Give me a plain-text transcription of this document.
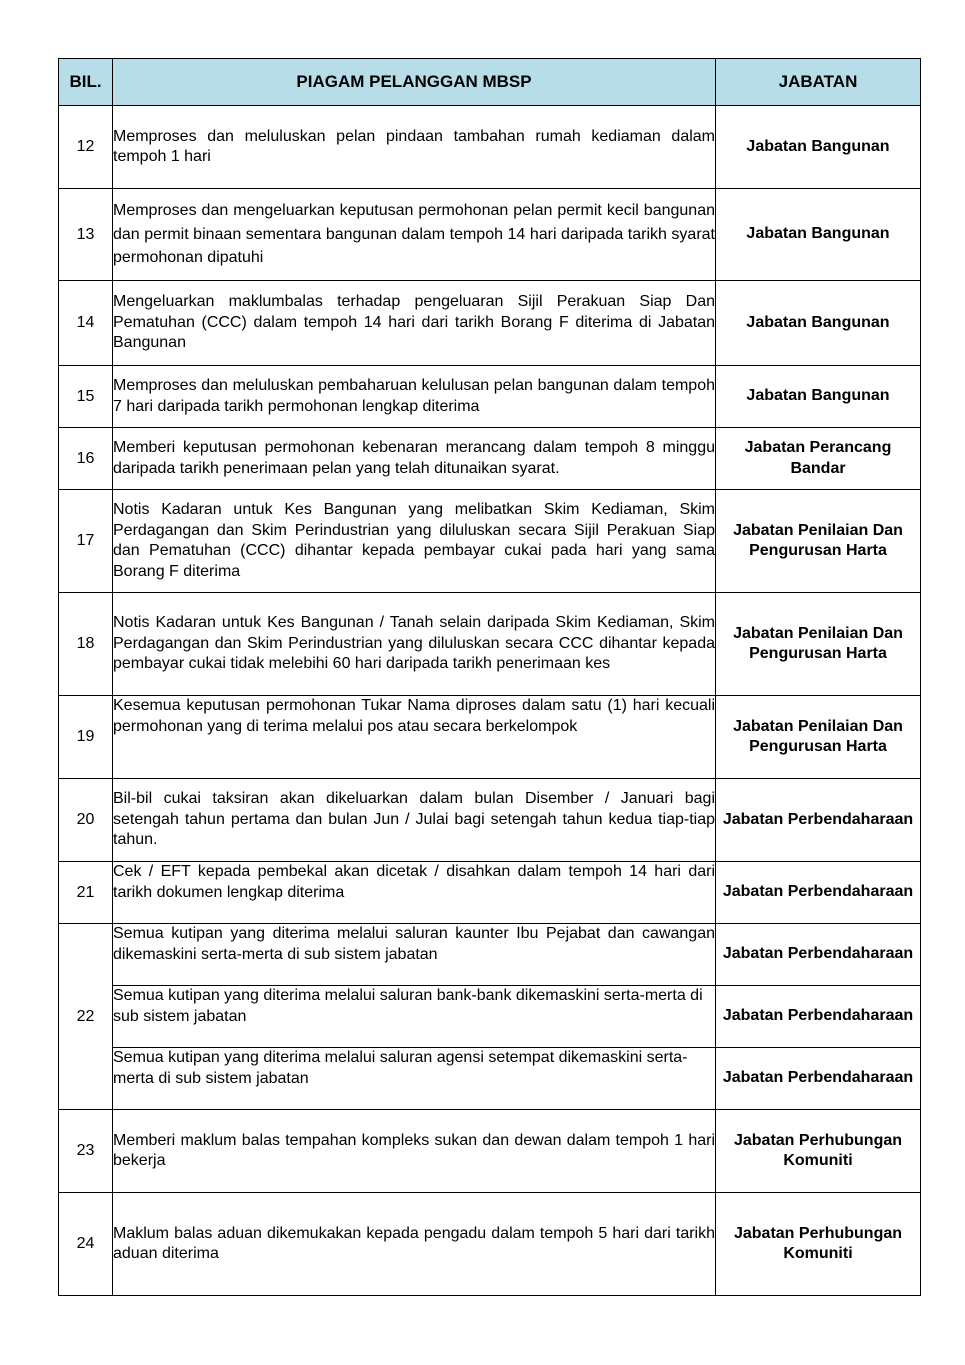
BIL.	PIAGAM PELANGGAN MBSP	JABATAN
12	Memproses dan meluluskan pelan pindaan tambahan rumah kediaman dalam tempoh 1 hari	Jabatan Bangunan
13	Memproses dan mengeluarkan keputusan permohonan pelan permit kecil bangunan dan permit binaan sementara bangunan dalam tempoh 14 hari daripada tarikh syarat permohonan dipatuhi	Jabatan Bangunan
14	Mengeluarkan maklumbalas terhadap pengeluaran Sijil Perakuan Siap Dan Pematuhan (CCC) dalam tempoh 14 hari dari tarikh Borang F diterima di Jabatan Bangunan	Jabatan Bangunan
15	Memproses dan meluluskan pembaharuan kelulusan pelan bangunan dalam tempoh 7 hari daripada tarikh permohonan lengkap diterima	Jabatan Bangunan
16	Memberi keputusan permohonan kebenaran merancang dalam tempoh 8 minggu daripada tarikh penerimaan pelan yang telah ditunaikan syarat.	Jabatan Perancang Bandar
17	Notis Kadaran untuk Kes Bangunan yang melibatkan Skim Kediaman, Skim Perdagangan dan Skim Perindustrian yang diluluskan secara Sijil Perakuan Siap dan Pematuhan (CCC) dihantar kepada pembayar cukai pada hari yang sama Borang F diterima	Jabatan Penilaian Dan Pengurusan Harta
18	Notis Kadaran untuk Kes Bangunan / Tanah selain daripada Skim Kediaman, Skim Perdagangan dan Skim Perindustrian yang diluluskan secara CCC dihantar kepada pembayar cukai tidak melebihi 60 hari daripada tarikh penerimaan kes	Jabatan Penilaian Dan Pengurusan Harta
19	Kesemua keputusan permohonan Tukar Nama diproses dalam satu (1) hari kecuali permohonan yang di terima melalui pos atau secara berkelompok	Jabatan Penilaian Dan Pengurusan Harta
20	Bil-bil cukai taksiran akan dikeluarkan dalam bulan Disember / Januari bagi setengah tahun pertama dan bulan Jun / Julai bagi setengah tahun kedua tiap-tiap tahun.	Jabatan Perbendaharaan
21	Cek / EFT kepada pembekal akan dicetak / disahkan dalam tempoh 14 hari dari tarikh dokumen lengkap diterima	Jabatan Perbendaharaan
22	Semua kutipan yang diterima melalui saluran kaunter Ibu Pejabat dan cawangan dikemaskini serta-merta di sub sistem jabatan	Jabatan Perbendaharaan
	Semua kutipan yang diterima melalui saluran bank-bank dikemaskini serta-merta di sub sistem jabatan	Jabatan Perbendaharaan
	Semua kutipan yang diterima melalui saluran agensi setempat dikemaskini serta-merta di sub sistem jabatan	Jabatan Perbendaharaan
23	Memberi maklum balas tempahan kompleks sukan dan dewan dalam tempoh 1 hari bekerja	Jabatan Perhubungan Komuniti
24	Maklum balas aduan dikemukakan kepada pengadu dalam tempoh 5 hari dari tarikh aduan diterima	Jabatan Perhubungan Komuniti
